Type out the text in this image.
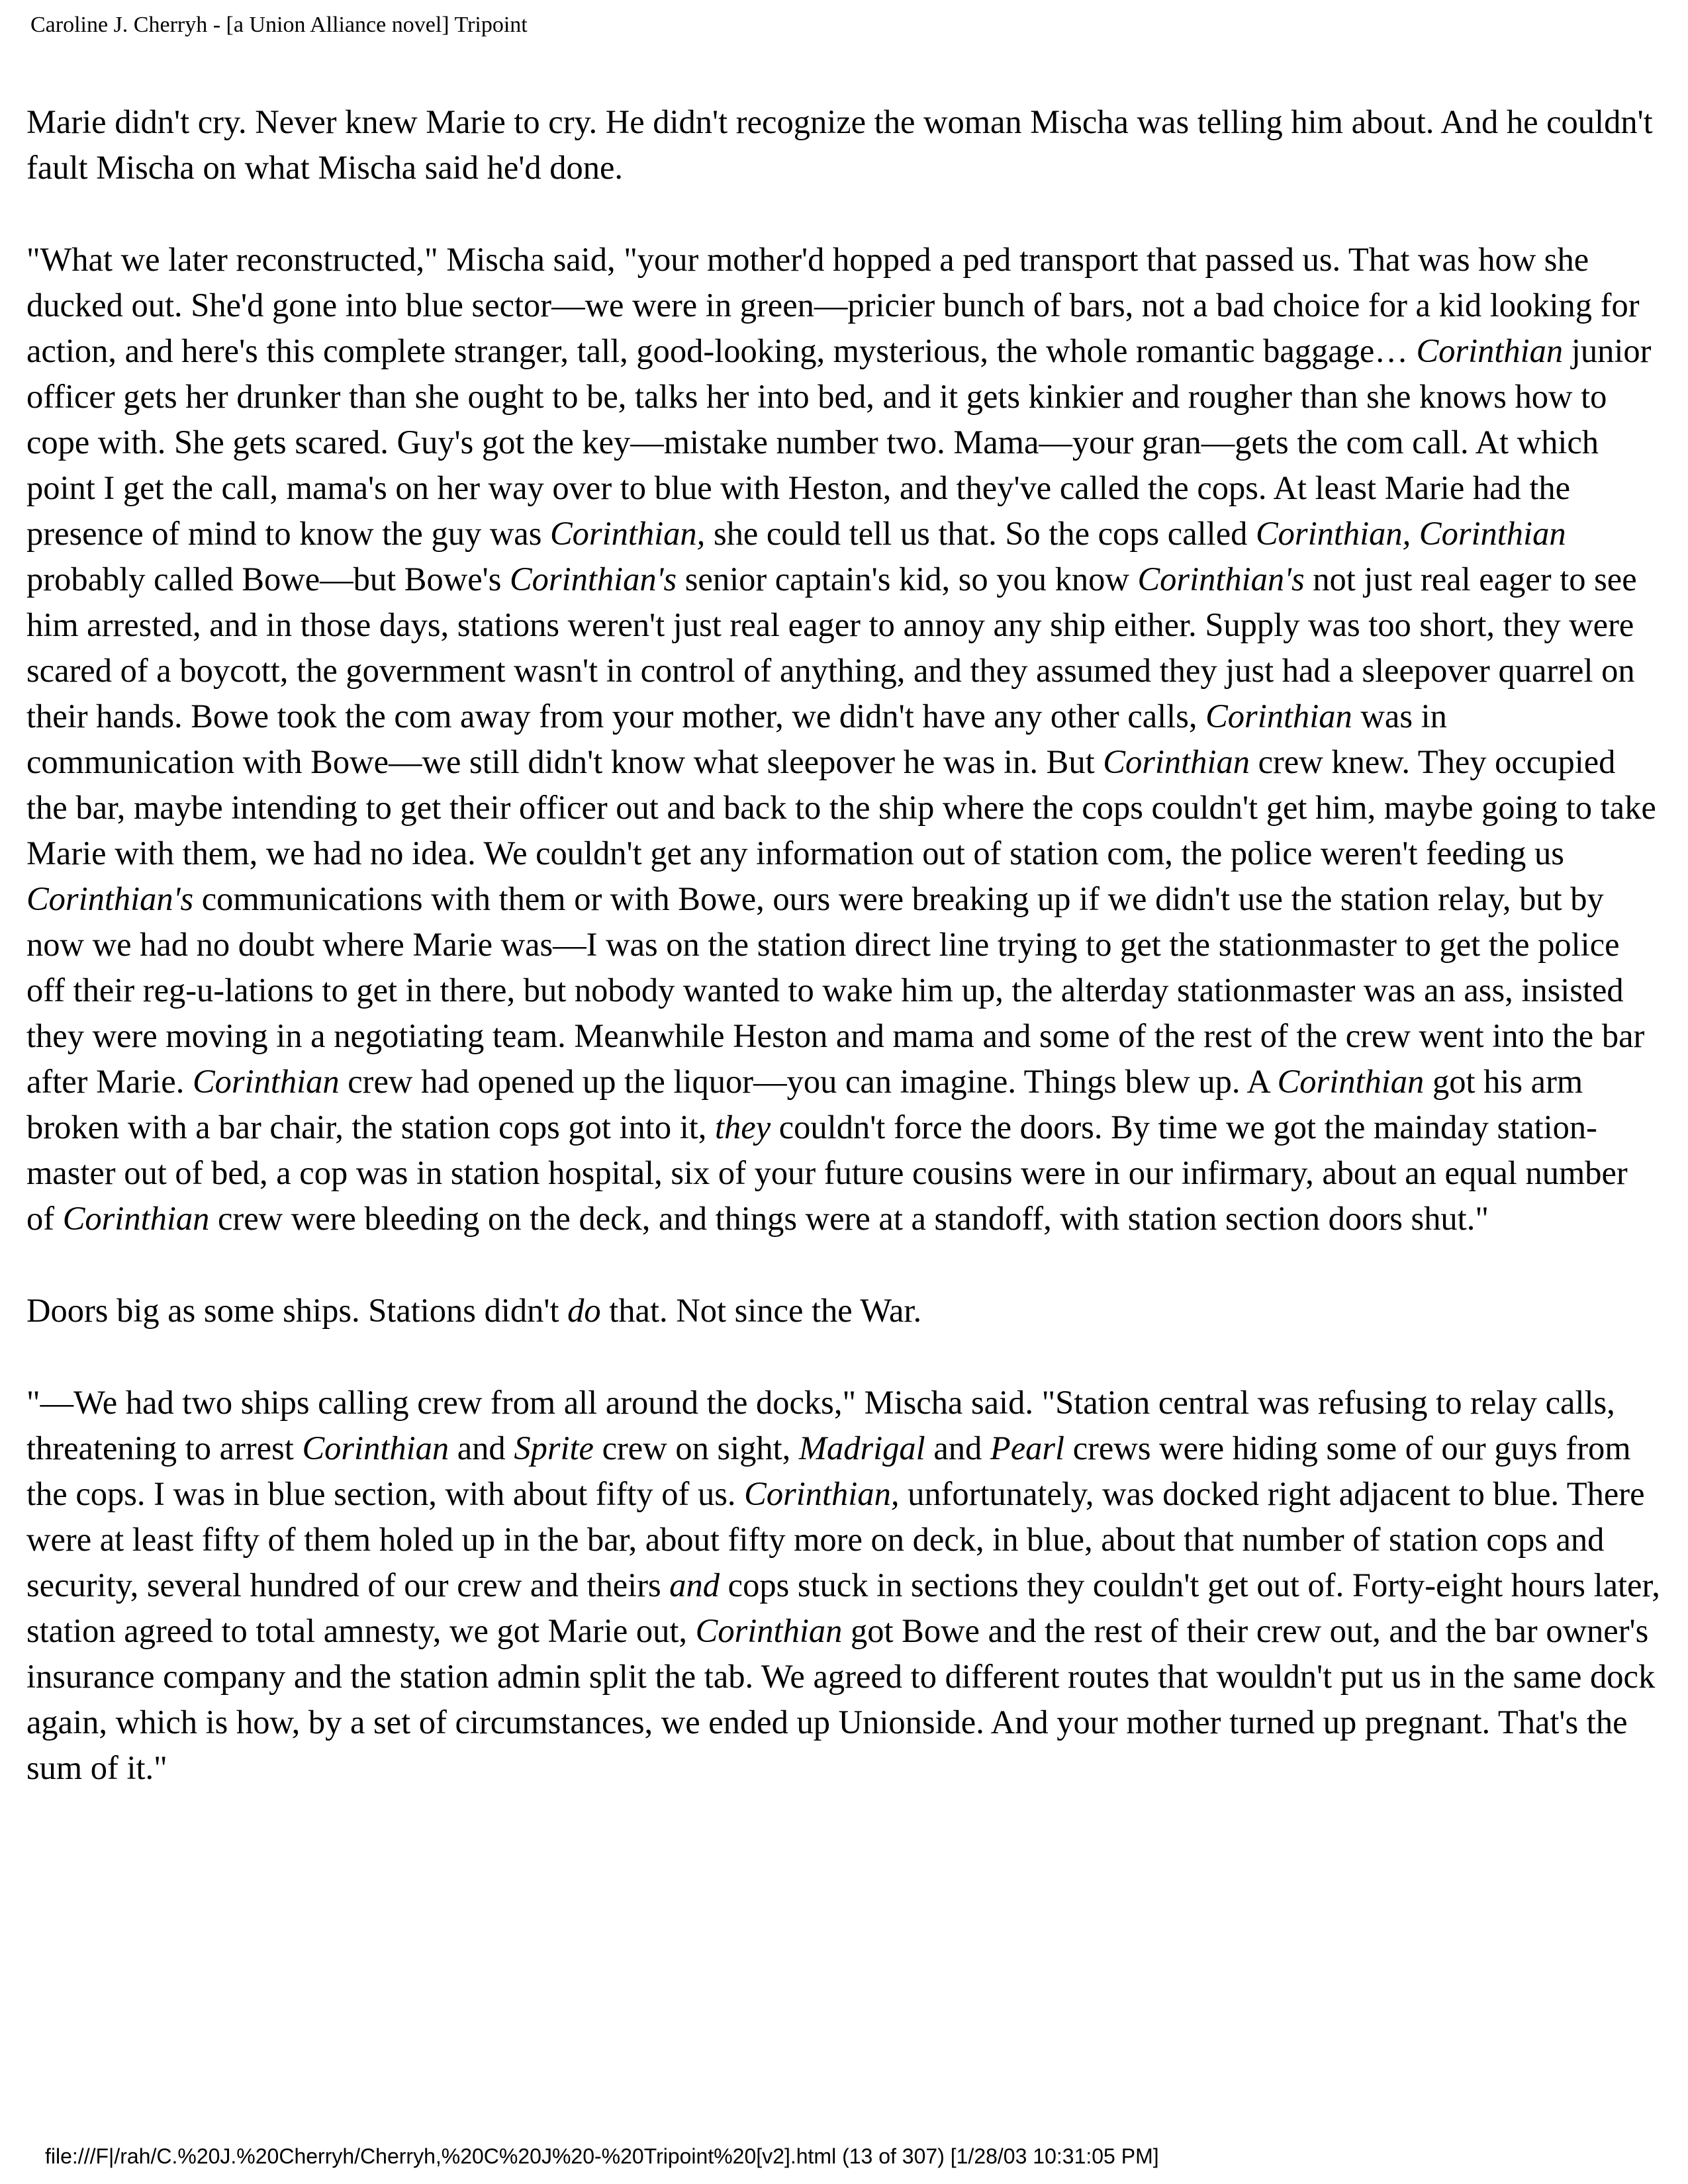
Caroline J. Cherryh - [a Union Alliance novel] Tripoint

Marie didn't cry. Never knew Marie to cry. He didn't recognize the woman Mischa was telling him about. And he couldn't fault Mischa on what Mischa said he'd done.

"What we later reconstructed," Mischa said, "your mother'd hopped a ped transport that passed us. That was how she ducked out. She'd gone into blue sector—we were in green—pricier bunch of bars, not a bad choice for a kid looking for action, and here's this complete stranger, tall, good-looking, mysterious, the whole romantic baggage… Corinthian junior officer gets her drunker than she ought to be, talks her into bed, and it gets kinkier and rougher than she knows how to cope with. She gets scared. Guy's got the key—mistake number two. Mama—your gran—gets the com call. At which point I get the call, mama's on her way over to blue with Heston, and they've called the cops. At least Marie had the presence of mind to know the guy was Corinthian, she could tell us that. So the cops called Corinthian, Corinthian probably called Bowe—but Bowe's Corinthian's senior captain's kid, so you know Corinthian's not just real eager to see him arrested, and in those days, stations weren't just real eager to annoy any ship either. Supply was too short, they were scared of a boycott, the government wasn't in control of anything, and they assumed they just had a sleepover quarrel on their hands. Bowe took the com away from your mother, we didn't have any other calls, Corinthian was in communication with Bowe—we still didn't know what sleepover he was in. But Corinthian crew knew. They occupied the bar, maybe intending to get their officer out and back to the ship where the cops couldn't get him, maybe going to take Marie with them, we had no idea. We couldn't get any information out of station com, the police weren't feeding us Corinthian's communications with them or with Bowe, ours were breaking up if we didn't use the station relay, but by now we had no doubt where Marie was—I was on the station direct line trying to get the stationmaster to get the police off their reg-u-lations to get in there, but nobody wanted to wake him up, the alterday stationmaster was an ass, insisted they were moving in a negotiating team. Meanwhile Heston and mama and some of the rest of the crew went into the bar after Marie. Corinthian crew had opened up the liquor—you can imagine. Things blew up. A Corinthian got his arm broken with a bar chair, the station cops got into it, they couldn't force the doors. By time we got the mainday station-master out of bed, a cop was in station hospital, six of your future cousins were in our infirmary, about an equal number of Corinthian crew were bleeding on the deck, and things were at a standoff, with station section doors shut."

Doors big as some ships. Stations didn't do that. Not since the War.

"—We had two ships calling crew from all around the docks," Mischa said. "Station central was refusing to relay calls, threatening to arrest Corinthian and Sprite crew on sight, Madrigal and Pearl crews were hiding some of our guys from the cops. I was in blue section, with about fifty of us. Corinthian, unfortunately, was docked right adjacent to blue. There were at least fifty of them holed up in the bar, about fifty more on deck, in blue, about that number of station cops and security, several hundred of our crew and theirs and cops stuck in sections they couldn't get out of. Forty-eight hours later, station agreed to total amnesty, we got Marie out, Corinthian got Bowe and the rest of their crew out, and the bar owner's insurance company and the station admin split the tab. We agreed to different routes that wouldn't put us in the same dock again, which is how, by a set of circumstances, we ended up Unionside. And your mother turned up pregnant. That's the sum of it."

file:///F|/rah/C.%20J.%20Cherryh/Cherryh,%20C%20J%20-%20Tripoint%20[v2].html (13 of 307) [1/28/03 10:31:05 PM]
